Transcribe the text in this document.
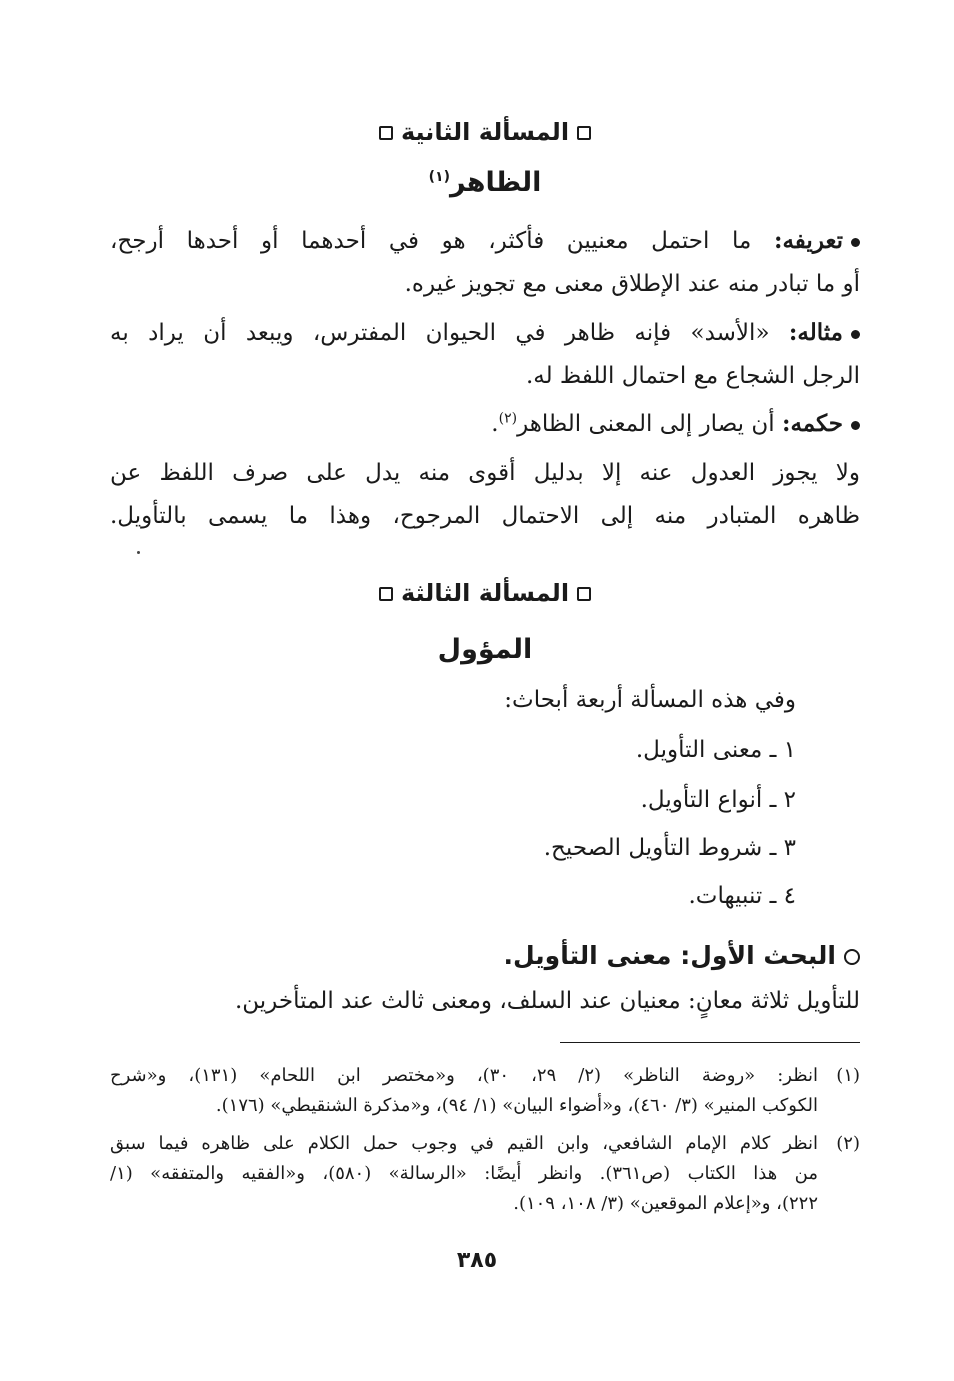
المسألة الثانية
الظاهر$^{(١)}$
تعريفه: ما احتمل معنيين فأكثر، هو في أحدهما أو أحدها أرجح،
أو ما تبادر منه عند الإطلاق معنى مع تجويز غيره.
مثاله: «الأسد» فإنه ظاهر في الحيوان المفترس، ويبعد أن يراد به
الرجل الشجاع مع احتمال اللفظ له.
حكمه: أن يصار إلى المعنى الظاهر$^{(٢)}$.
ولا يجوز العدول عنه إلا بدليل أقوى منه يدل على صرف اللفظ عن
ظاهره المتبادر منه إلى الاحتمال المرجوح، وهذا ما يسمى بالتأويل.
المسألة الثالثة
المؤول
وفي هذه المسألة أربعة أبحاث:
١ ـ معنى التأويل.
٢ ـ أنواع التأويل.
٣ ـ شروط التأويل الصحيح.
٤ ـ تنبيهات.
البحث الأول: معنى التأويل.
للتأويل ثلاثة معانٍ: معنيان عند السلف، ومعنى ثالث عند المتأخرين.
(١)انظر: «روضة الناظر» (٢/ ٢٩، ٣٠)، و«مختصر ابن اللحام» (١٣١)، و«شرح
الكوكب المنير» (٣/ ٤٦٠)، و«أضواء البيان» (١/ ٩٤)، و«مذكرة الشنقيطي» (١٧٦).
(٢)انظر كلام الإمام الشافعي، وابن القيم في وجوب حمل الكلام على ظاهره فيما سبق
من هذا الكتاب (ص٣٦١). وانظر أيضًا: «الرسالة» (٥٨٠)، و«الفقيه والمتفقه» (١/
٢٢٢)، و«إعلام الموقعين» (٣/ ١٠٨، ١٠٩).
٣٨٥
